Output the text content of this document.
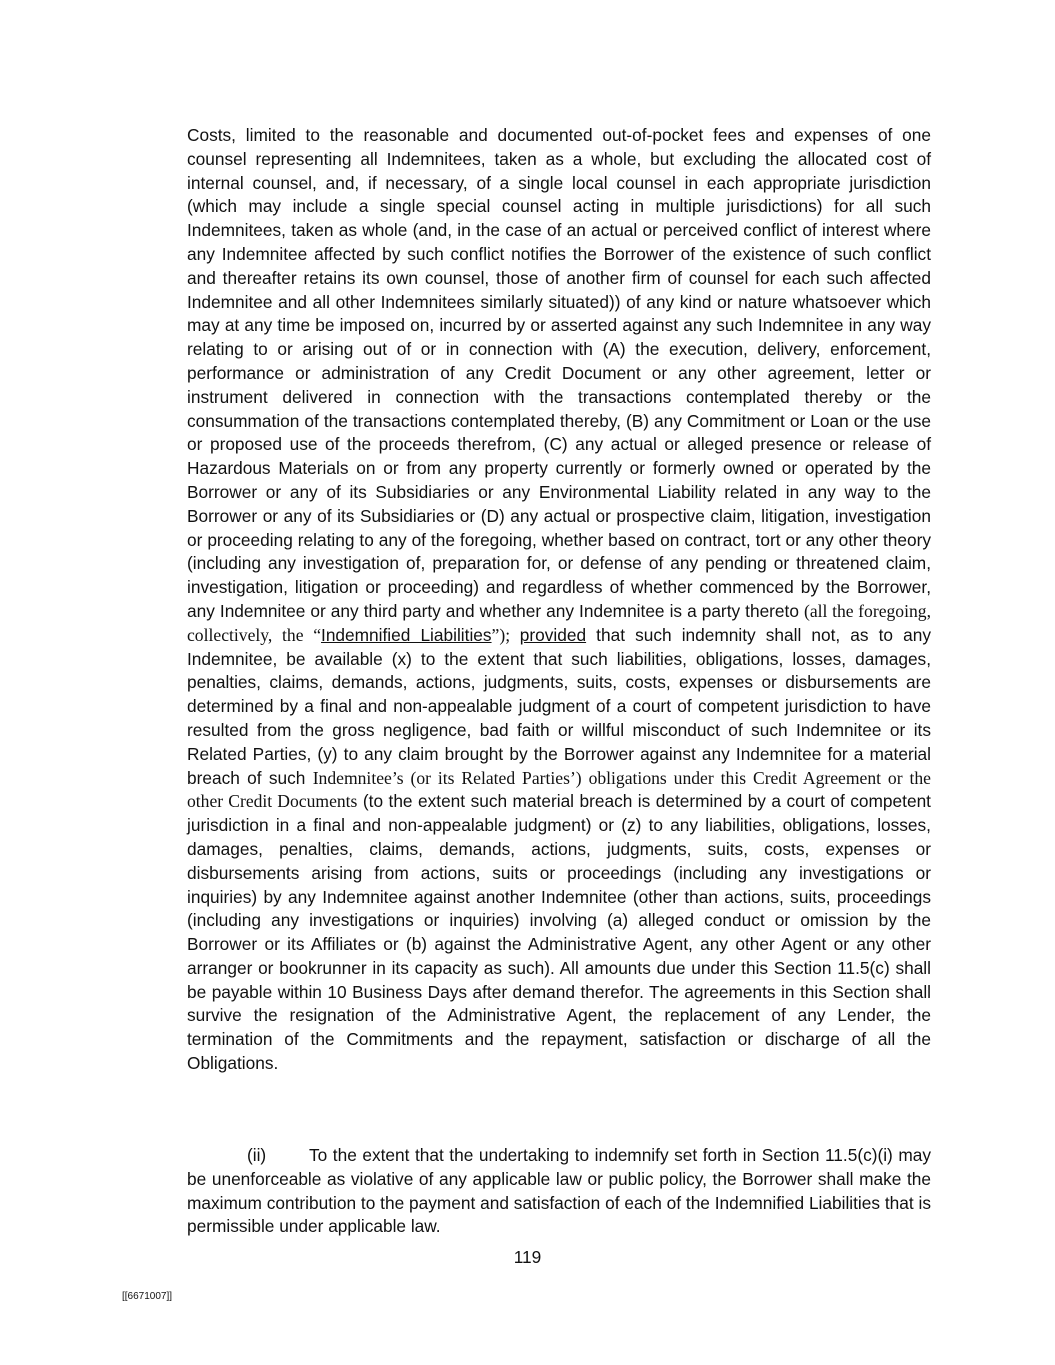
Costs, limited to the reasonable and documented out-of-pocket fees and expenses of one counsel representing all Indemnitees, taken as a whole, but excluding the allocated cost of internal counsel, and, if necessary, of a single local counsel in each appropriate jurisdiction (which may include a single special counsel acting in multiple jurisdictions) for all such Indemnitees, taken as whole (and, in the case of an actual or perceived conflict of interest where any Indemnitee affected by such conflict notifies the Borrower of the existence of such conflict and thereafter retains its own counsel, those of another firm of counsel for each such affected Indemnitee and all other Indemnitees similarly situated)) of any kind or nature whatsoever which may at any time be imposed on, incurred by or asserted against any such Indemnitee in any way relating to or arising out of or in connection with (A) the execution, delivery, enforcement, performance or administration of any Credit Document or any other agreement, letter or instrument delivered in connection with the transactions contemplated thereby or the consummation of the transactions contemplated thereby, (B) any Commitment or Loan or the use or proposed use of the proceeds therefrom, (C) any actual or alleged presence or release of Hazardous Materials on or from any property currently or formerly owned or operated by the Borrower or any of its Subsidiaries or any Environmental Liability related in any way to the Borrower or any of its Subsidiaries or (D) any actual or prospective claim, litigation, investigation or proceeding relating to any of the foregoing, whether based on contract, tort or any other theory (including any investigation of, preparation for, or defense of any pending or threatened claim, investigation, litigation or proceeding) and regardless of whether commenced by the Borrower, any Indemnitee or any third party and whether any Indemnitee is a party thereto (all the foregoing, collectively, the “Indemnified Liabilities”); provided that such indemnity shall not, as to any Indemnitee, be available (x) to the extent that such liabilities, obligations, losses, damages, penalties, claims, demands, actions, judgments, suits, costs, expenses or disbursements are determined by a final and non-appealable judgment of a court of competent jurisdiction to have resulted from the gross negligence, bad faith or willful misconduct of such Indemnitee or its Related Parties, (y) to any claim brought by the Borrower against any Indemnitee for a material breach of such Indemnitee’s (or its Related Parties’) obligations under this Credit Agreement or the other Credit Documents (to the extent such material breach is determined by a court of competent jurisdiction in a final and non-appealable judgment) or (z) to any liabilities, obligations, losses, damages, penalties, claims, demands, actions, judgments, suits, costs, expenses or disbursements arising from actions, suits or proceedings (including any investigations or inquiries) by any Indemnitee against another Indemnitee (other than actions, suits, proceedings (including any investigations or inquiries) involving (a) alleged conduct or omission by the Borrower or its Affiliates or (b) against the Administrative Agent, any other Agent or any other arranger or bookrunner in its capacity as such). All amounts due under this Section 11.5(c) shall be payable within 10 Business Days after demand therefor. The agreements in this Section shall survive the resignation of the Administrative Agent, the replacement of any Lender, the termination of the Commitments and the repayment, satisfaction or discharge of all the Obligations.

(ii) To the extent that the undertaking to indemnify set forth in Section 11.5(c)(i) may be unenforceable as violative of any applicable law or public policy, the Borrower shall make the maximum contribution to the payment and satisfaction of each of the Indemnified Liabilities that is permissible under applicable law.

119
[[6671007]]
